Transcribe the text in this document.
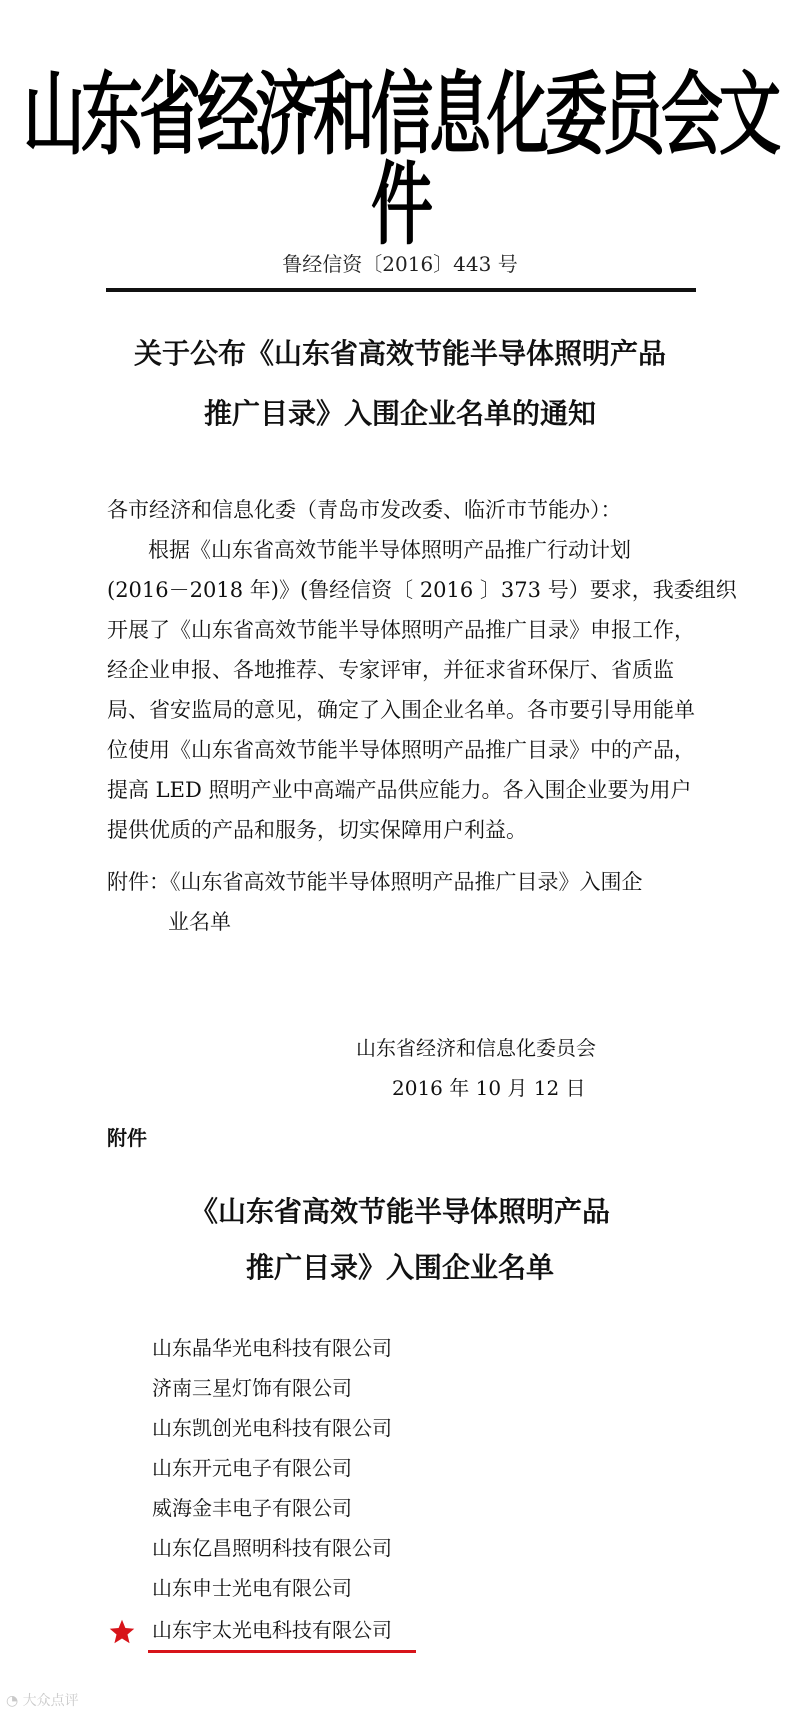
山东省经济和信息化委员会文件
鲁经信资〔2016〕443 号
关于公布《山东省高效节能半导体照明产品
推广目录》入围企业名单的通知
各市经济和信息化委（青岛市发改委、临沂市节能办）：
根据《山东省高效节能半导体照明产品推广行动计划
(2016－2018 年)》(鲁经信资〔 2016 〕373 号）要求，我委组织
开展了《山东省高效节能半导体照明产品推广目录》申报工作，
经企业申报、各地推荐、专家评审，并征求省环保厅、省质监
局、省安监局的意见，确定了入围企业名单。各市要引导用能单
位使用《山东省高效节能半导体照明产品推广目录》中的产品，
提高 LED 照明产业中高端产品供应能力。各入围企业要为用户
提供优质的产品和服务，切实保障用户利益。
附件：《山东省高效节能半导体照明产品推广目录》入围企
业名单
山东省经济和信息化委员会
2016 年 10 月 12 日
附件
《山东省高效节能半导体照明产品
推广目录》入围企业名单
山东晶华光电科技有限公司
济南三星灯饰有限公司
山东凯创光电科技有限公司
山东开元电子有限公司
威海金丰电子有限公司
山东亿昌照明科技有限公司
山东申士光电有限公司
山东宇太光电科技有限公司
◔ 大众点评
